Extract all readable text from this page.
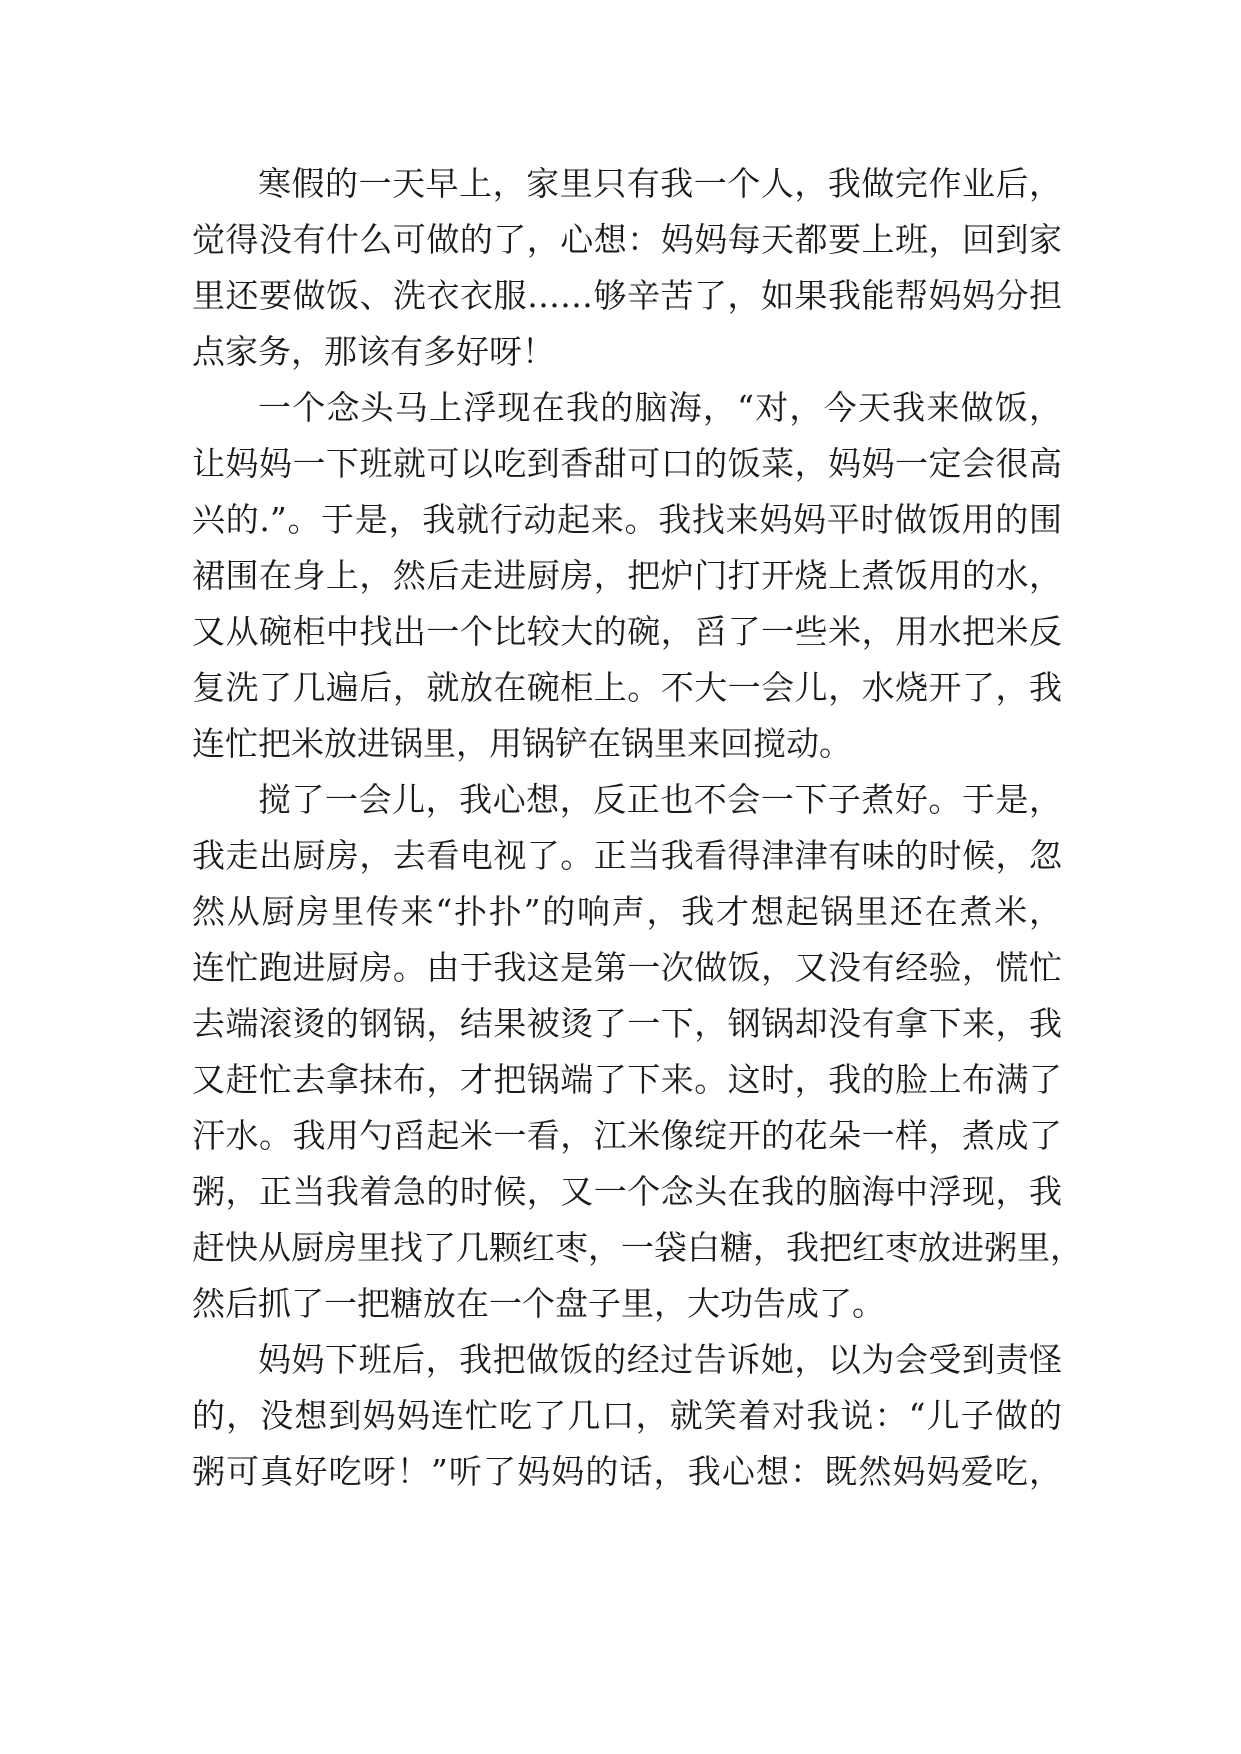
寒假的一天早上，家里只有我一个人，我做完作业后，
觉得没有什么可做的了，心想：妈妈每天都要上班，回到家
里还要做饭、洗衣衣服……够辛苦了，如果我能帮妈妈分担
点家务，那该有多好呀！
一个念头马上浮现在我的脑海，“对，今天我来做饭，
让妈妈一下班就可以吃到香甜可口的饭菜，妈妈一定会很高
兴的.”。于是，我就行动起来。我找来妈妈平时做饭用的围
裙围在身上，然后走进厨房，把炉门打开烧上煮饭用的水，
又从碗柜中找出一个比较大的碗，舀了一些米，用水把米反
复洗了几遍后，就放在碗柜上。不大一会儿，水烧开了，我
连忙把米放进锅里，用锅铲在锅里来回搅动。
搅了一会儿，我心想，反正也不会一下子煮好。于是，
我走出厨房，去看电视了。正当我看得津津有味的时候，忽
然从厨房里传来“扑扑”的响声，我才想起锅里还在煮米，
连忙跑进厨房。由于我这是第一次做饭，又没有经验，慌忙
去端滚烫的钢锅，结果被烫了一下，钢锅却没有拿下来，我
又赶忙去拿抹布，才把锅端了下来。这时，我的脸上布满了
汗水。我用勺舀起米一看，江米像绽开的花朵一样，煮成了
粥，正当我着急的时候，又一个念头在我的脑海中浮现，我
赶快从厨房里找了几颗红枣，一袋白糖，我把红枣放进粥里，
然后抓了一把糖放在一个盘子里，大功告成了。
妈妈下班后，我把做饭的经过告诉她，以为会受到责怪
的，没想到妈妈连忙吃了几口，就笑着对我说：“儿子做的
粥可真好吃呀！”听了妈妈的话，我心想：既然妈妈爱吃，
